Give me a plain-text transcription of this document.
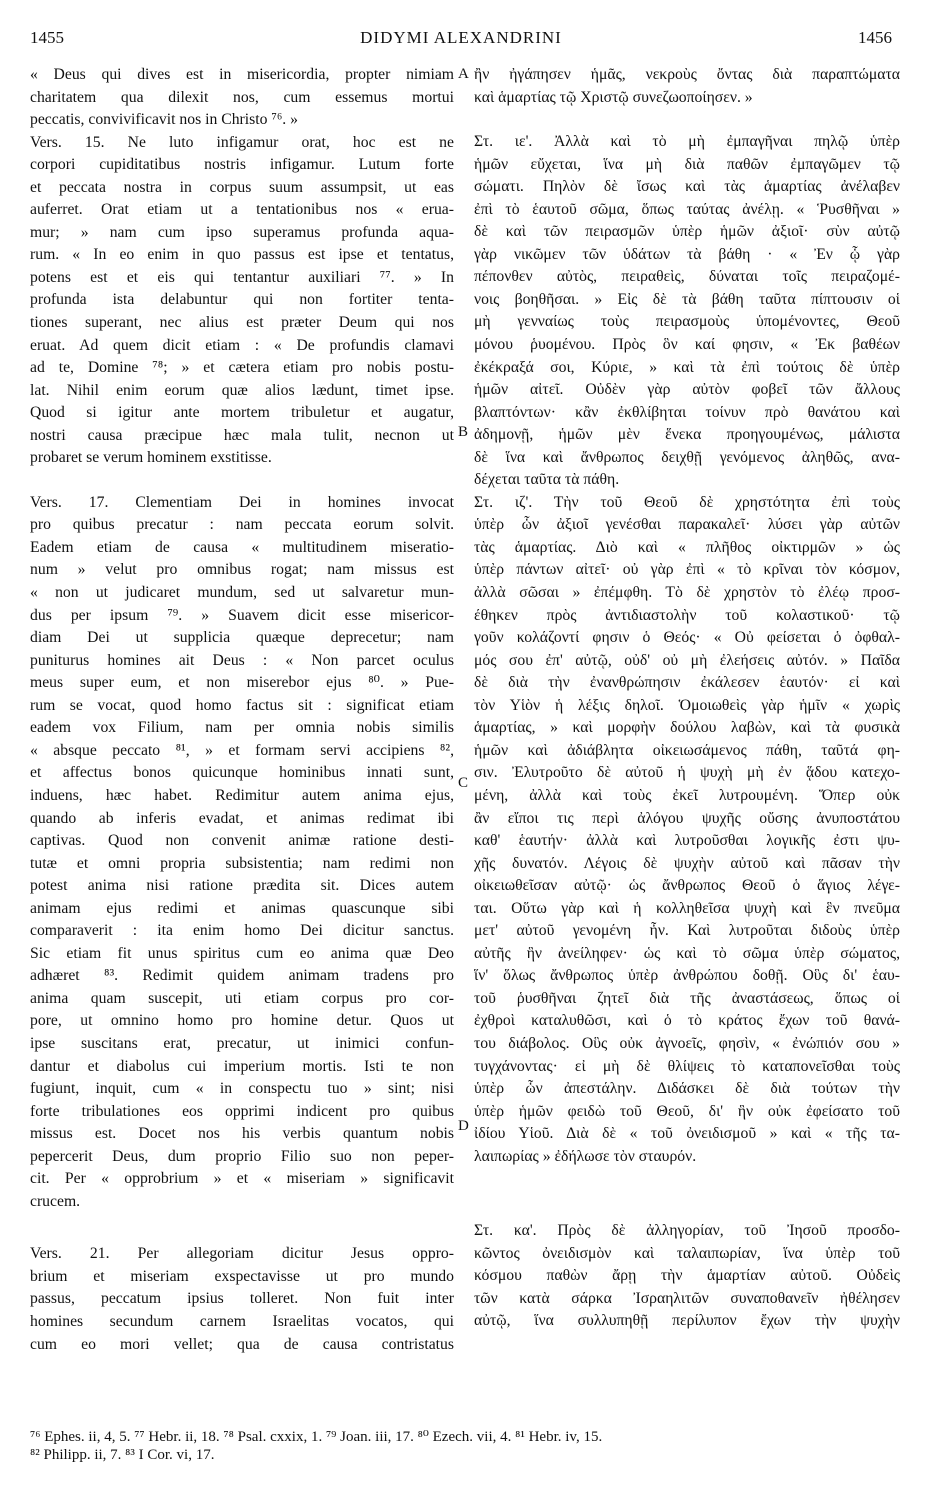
1455	DIDYMI ALEXANDRINI	1456
A
B
C
D
« Deus qui dives est in misericordia, propter nimiam
charitatem qua dilexit nos, cum essemus mortui
peccatis, convivificavit nos in Christo ⁷⁶. »
Vers. 15. Ne luto infigamur orat, hoc est ne
corpori cupiditatibus nostris infigamur. Lutum forte
et peccata nostra in corpus suum assumpsit, ut eas
auferret. Orat etiam ut a tentationibus nos « erua-
mur; » nam cum ipso superamus profunda aqua-
rum. « In eo enim in quo passus est ipse et tentatus,
potens est et eis qui tentantur auxiliari ⁷⁷. » In
profunda ista delabuntur qui non fortiter tenta-
tiones superant, nec alius est præter Deum qui nos
eruat. Ad quem dicit etiam : « De profundis clamavi
ad te, Domine ⁷⁸; » et cætera etiam pro nobis postu-
lat. Nihil enim eorum quæ alios lædunt, timet ipse.
Quod si igitur ante mortem tribuletur et augatur,
nostri causa præcipue hæc mala tulit, necnon ut
probaret se verum hominem exstitisse.
Vers. 17. Clementiam Dei in homines invocat
pro quibus precatur : nam peccata eorum solvit.
Eadem etiam de causa « multitudinem miseratio-
num » velut pro omnibus rogat; nam missus est
« non ut judicaret mundum, sed ut salvaretur mun-
dus per ipsum ⁷⁹. » Suavem dicit esse misericor-
diam Dei ut supplicia quæque deprecetur; nam
puniturus homines ait Deus : « Non parcet oculus
meus super eum, et non miserebor ejus ⁸⁰. » Pue-
rum se vocat, quod homo factus sit : significat etiam
eadem vox Filium, nam per omnia nobis similis
« absque peccato ⁸¹, » et formam servi accipiens ⁸²,
et affectus bonos quicunque hominibus innati sunt,
induens, hæc habet. Redimitur autem anima ejus,
quando ab inferis evadat, et animas redimat ibi
captivas. Quod non convenit animæ ratione desti-
tutæ et omni propria subsistentia; nam redimi non
potest anima nisi ratione prædita sit. Dices autem
animam ejus redimi et animas quascunque sibi
comparaverit : ita enim homo Dei dicitur sanctus.
Sic etiam fit unus spiritus cum eo anima quæ Deo
adhæret ⁸³. Redimit quidem animam tradens pro
anima quam suscepit, uti etiam corpus pro cor-
pore, ut omnino homo pro homine detur. Quos ut
ipse suscitans erat, precatur, ut inimici confun-
dantur et diabolus cui imperium mortis. Isti te non
fugiunt, inquit, cum « in conspectu tuo » sint; nisi
forte tribulationes eos opprimi indicent pro quibus
missus est. Docet nos his verbis quantum nobis
pepercerit Deus, dum proprio Filio suo non peper-
cit. Per « opprobrium » et « miseriam » significavit
crucem.
Vers. 21. Per allegoriam dicitur Jesus oppro-
brium et miseriam exspectavisse ut pro mundo
passus, peccatum ipsius tolleret. Non fuit inter
homines secundum carnem Israelitas vocatos, qui
cum eo mori vellet; qua de causa contristatus
ἢν ἠγάπησεν ἡμᾶς, νεκροὺς ὄντας διὰ παραπτώματα
καὶ ἁμαρτίας τῷ Χριστῷ συνεζωοποίησεν. »
Στ. ιε'. Ἀλλὰ καὶ τὸ μὴ ἐμπαγῆναι πηλῷ ὑπὲρ
ἡμῶν εὔχεται, ἵνα μὴ διὰ παθῶν ἐμπαγῶμεν τῷ
σώματι. Πηλὸν δὲ ἴσως καὶ τὰς ἁμαρτίας ἀνέλαβεν
ἐπὶ τὸ ἑαυτοῦ σῶμα, ὅπως ταύτας ἀνέλῃ. « Ῥυσθῆναι »
δὲ καὶ τῶν πειρασμῶν ὑπὲρ ἡμῶν ἀξιοῖ· σὺν αὐτῷ
γὰρ νικῶμεν τῶν ὑδάτων τὰ βάθη · « Ἐν ᾧ γὰρ
πέπονθεν αὐτὸς, πειραθεὶς, δύναται τοῖς πειραζομέ-
νοις βοηθῆσαι. » Εἰς δὲ τὰ βάθη ταῦτα πίπτουσιν οἱ
μὴ γενναίως τοὺς πειρασμοὺς ὑπομένοντες, Θεοῦ
μόνου ῥυομένου. Πρὸς ὃν καί φησιν, « Ἐκ βαθέων
ἐκέκραξά σοι, Κύριε, » καὶ τὰ ἐπὶ τούτοις δὲ ὑπὲρ
ἡμῶν αἰτεῖ. Οὐδὲν γὰρ αὐτὸν φοβεῖ τῶν ἄλλους
βλαπτόντων· κἂν ἐκθλίβηται τοίνυν πρὸ θανάτου καὶ
ἀδημονῇ, ἡμῶν μὲν ἕνεκα προηγουμένως, μάλιστα
δὲ ἵνα καὶ ἄνθρωπος δειχθῇ γενόμενος ἀληθῶς, ανα-
δέχεται ταῦτα τὰ πάθη.
Στ. ιζ'. Τὴν τοῦ Θεοῦ δὲ χρηστότητα ἐπὶ τοὺς
ὑπὲρ ὧν ἀξιοῖ γενέσθαι παρακαλεῖ· λύσει γὰρ αὐτῶν
τὰς ἁμαρτίας. Διὸ καὶ « πλῆθος οἰκτιρμῶν » ὡς
ὑπὲρ πάντων αἰτεῖ· οὐ γὰρ ἐπὶ « τὸ κρῖναι τὸν κόσμον,
ἀλλὰ σῶσαι » ἐπέμφθη. Τὸ δὲ χρηστὸν τὸ ἐλέῳ προσ-
έθηκεν πρὸς ἀντιδιαστολὴν τοῦ κολαστικοῦ· τῷ
γοῦν κολάζοντί φησιν ὁ Θεός· « Οὐ φείσεται ὁ ὀφθαλ-
μός σου ἐπ' αὐτῷ, οὐδ' οὐ μὴ ἐλεήσεις αὐτόν. » Παῖδα
δὲ διὰ τὴν ἐνανθρώπησιν ἐκάλεσεν ἑαυτόν· εἰ καὶ
τὸν Υἱὸν ἡ λέξις δηλοῖ. Ὁμοιωθεὶς γὰρ ἡμῖν « χωρὶς
ἁμαρτίας, » καὶ μορφὴν δούλου λαβὼν, καὶ τὰ φυσικὰ
ἡμῶν καὶ ἀδιάβλητα οἰκειωσάμενος πάθη, ταῦτά φη-
σιν. Ἐλυτροῦτο δὲ αὐτοῦ ἡ ψυχὴ μὴ ἐν ᾅδου κατεχο-
μένη, ἀλλὰ καὶ τοὺς ἐκεῖ λυτρουμένη. Ὅπερ οὐκ
ἂν εἴποι τις περὶ ἀλόγου ψυχῆς οὔσης ἀνυποστάτου
καθ' ἑαυτήν· ἀλλὰ καὶ λυτροῦσθαι λογικῆς ἐστι ψυ-
χῆς δυνατόν. Λέγοις δὲ ψυχὴν αὐτοῦ καὶ πᾶσαν τὴν
οἰκειωθεῖσαν αὐτῷ· ὡς ἄνθρωπος Θεοῦ ὁ ἅγιος λέγε-
ται. Οὕτω γὰρ καὶ ἡ κολληθεῖσα ψυχὴ καὶ ἓν πνεῦμα
μετ' αὐτοῦ γενομένη ἦν. Καὶ λυτροῦται διδοὺς ὑπὲρ
αὐτῆς ἣν ἀνείληφεν· ὡς καὶ τὸ σῶμα ὑπὲρ σώματος,
ἵν' ὅλως ἄνθρωπος ὑπὲρ ἀνθρώπου δοθῇ. Οὓς δι' ἑαυ-
τοῦ ῥυσθῆναι ζητεῖ διὰ τῆς ἀναστάσεως, ὅπως οἱ
ἐχθροὶ καταλυθῶσι, καὶ ὁ τὸ κράτος ἔχων τοῦ θανά-
του διάβολος. Οὓς οὐκ ἀγνοεῖς, φησὶν, « ἐνώπιόν σου »
τυγχάνοντας· εἰ μὴ δὲ θλίψεις τὸ καταπονεῖσθαι τοὺς
ὑπὲρ ὧν ἀπεστάλην. Διδάσκει δὲ διὰ τούτων τὴν
ὑπὲρ ἡμῶν φειδὼ τοῦ Θεοῦ, δι' ἣν οὐκ ἐφείσατο τοῦ
ἰδίου Υἱοῦ. Διὰ δὲ « τοῦ ὀνειδισμοῦ » καὶ « τῆς τα-
λαιπωρίας » ἐδήλωσε τὸν σταυρόν.
Στ. κα'. Πρὸς δὲ ἀλληγορίαν, τοῦ Ἰησοῦ προσδο-
κῶντος ὀνειδισμὸν καὶ ταλαιπωρίαν, ἵνα ὑπὲρ τοῦ
κόσμου παθὼν ἄρῃ τὴν ἁμαρτίαν αὐτοῦ. Οὐδεὶς
τῶν κατὰ σάρκα Ἰσραηλιτῶν συναποθανεῖν ἠθέλησεν
αὐτῷ, ἵνα συλλυπηθῇ περίλυπον ἔχων τὴν ψυχὴν
⁷⁶ Ephes. ii, 4, 5. ⁷⁷ Hebr. ii, 18. ⁷⁸ Psal. cxxix, 1. ⁷⁹ Joan. iii, 17. ⁸⁰ Ezech. vii, 4. ⁸¹ Hebr. iv, 15.
⁸² Philipp. ii, 7. ⁸³ I Cor. vi, 17.
